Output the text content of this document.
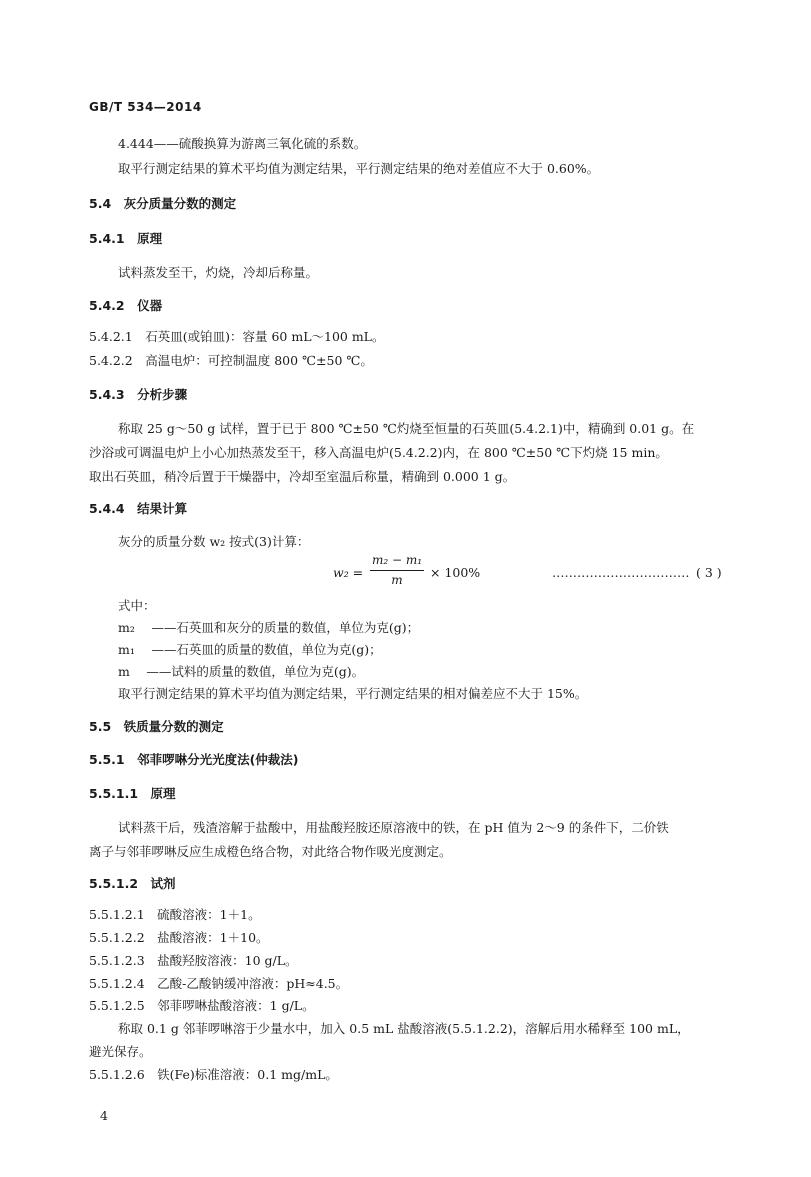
GB/T 534—2014
4.444——硫酸换算为游离三氧化硫的系数。
取平行测定结果的算术平均值为测定结果，平行测定结果的绝对差值应不大于 0.60%。
5.4　灰分质量分数的测定
5.4.1　原理
试料蒸发至干，灼烧，冷却后称量。
5.4.2　仪器
5.4.2.1　石英皿(或铂皿)：容量 60 mL～100 mL。
5.4.2.2　高温电炉：可控制温度 800 ℃±50 ℃。
5.4.3　分析步骤
称取 25 g～50 g 试样，置于已于 800 ℃±50 ℃灼烧至恒量的石英皿(5.4.2.1)中，精确到 0.01 g。在
沙浴或可调温电炉上小心加热蒸发至干，移入高温电炉(5.4.2.2)内，在 800 ℃±50 ℃下灼烧 15 min。
取出石英皿，稍冷后置于干燥器中，冷却至室温后称量，精确到 0.000 1 g。
5.4.4　结果计算
灰分的质量分数 w₂ 按式(3)计算：
w₂ =
m₂ − m₁
m	× 100%	…………………………… ( 3 )
式中：
m₂ 　——石英皿和灰分的质量的数值，单位为克(g)；
m₁ 　——石英皿的质量的数值，单位为克(g)；
m 　——试料的质量的数值，单位为克(g)。
取平行测定结果的算术平均值为测定结果，平行测定结果的相对偏差应不大于 15%。
5.5　铁质量分数的测定
5.5.1　邻菲啰啉分光光度法(仲裁法)
5.5.1.1　原理
试料蒸干后，残渣溶解于盐酸中，用盐酸羟胺还原溶液中的铁，在 pH 值为 2～9 的条件下，二价铁
离子与邻菲啰啉反应生成橙色络合物，对此络合物作吸光度测定。
5.5.1.2　试剂
5.5.1.2.1　硫酸溶液：1＋1。
5.5.1.2.2　盐酸溶液：1＋10。
5.5.1.2.3　盐酸羟胺溶液：10 g/L。
5.5.1.2.4　乙酸-乙酸钠缓冲溶液：pH≈4.5。
5.5.1.2.5　邻菲啰啉盐酸溶液：1 g/L。
称取 0.1 g 邻菲啰啉溶于少量水中，加入 0.5 mL 盐酸溶液(5.5.1.2.2)，溶解后用水稀释至 100 mL，
避光保存。
5.5.1.2.6　铁(Fe)标准溶液：0.1 mg/mL。
4
